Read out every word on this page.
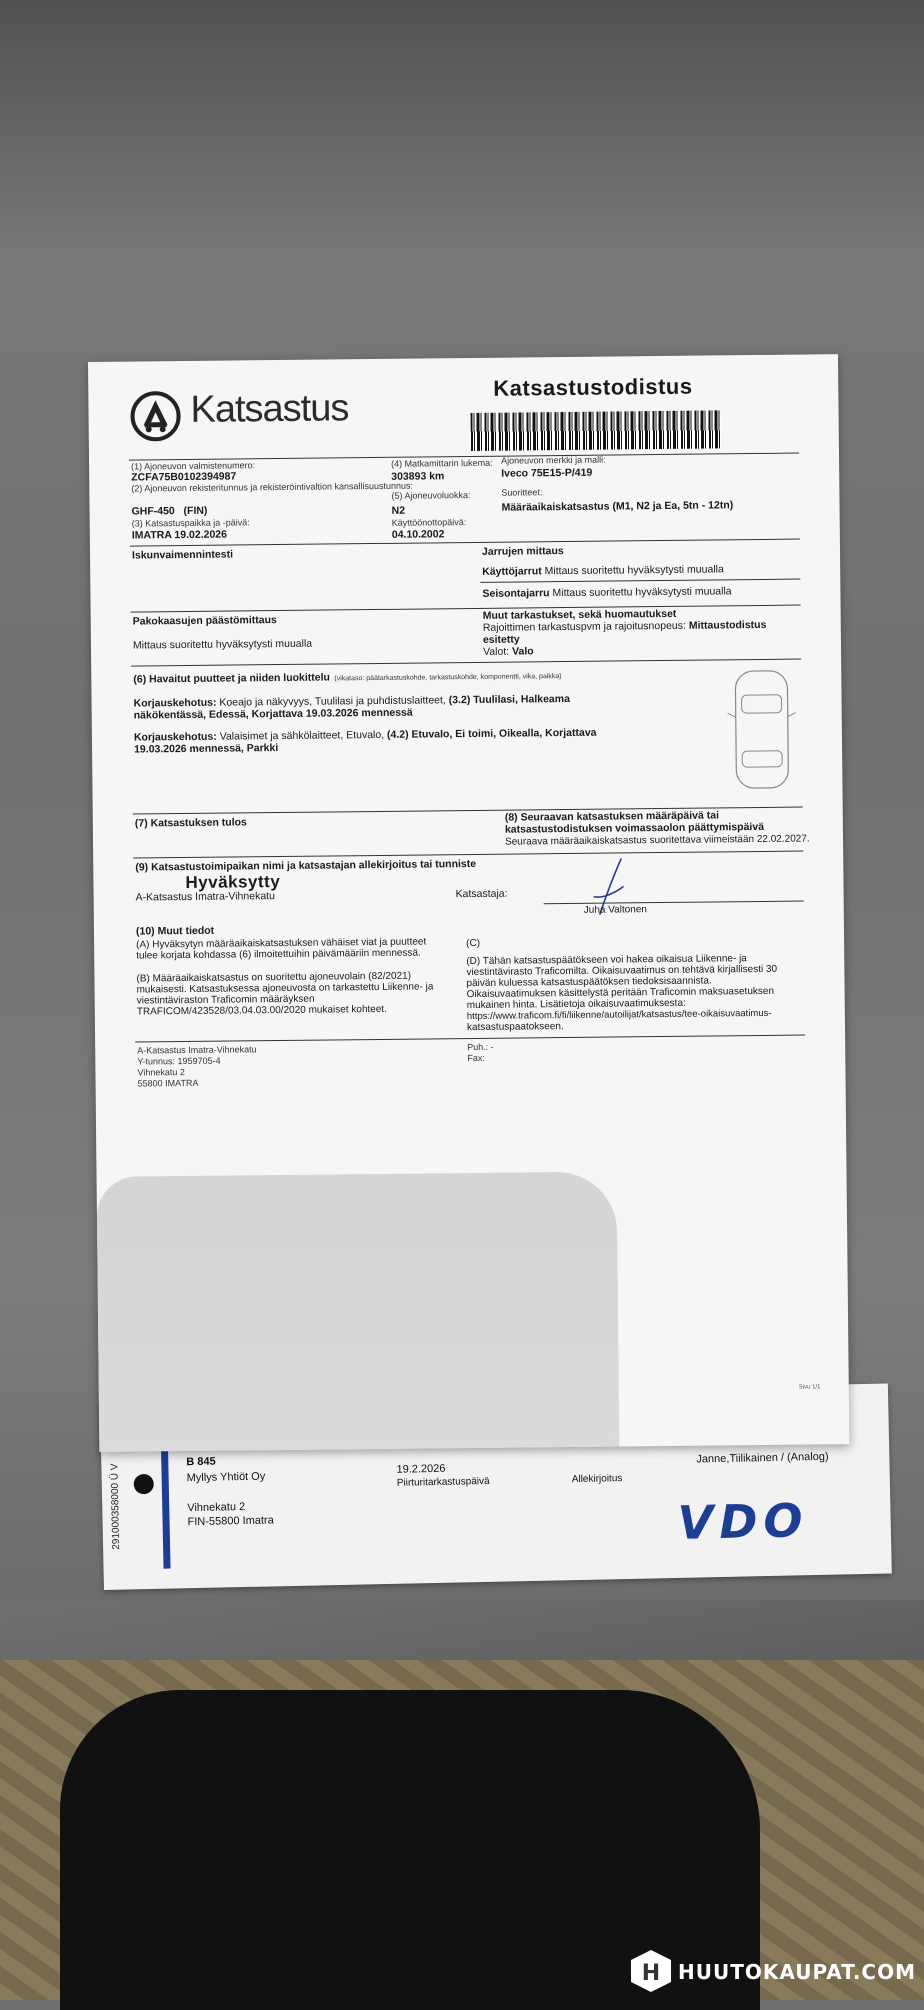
291000358000 Ü V
B 845
Myllys Yhtiöt Oy
Vihnekatu 2
FIN-55800 Imatra
19.2.2026
Piirturitarkastuspäivä	Allekirjoitus
Janne,Tiilikainen / (Analog)
VDO
Katsastus
Katsastustodistus
(1) Ajoneuvon valmistenumero:
ZCFA75B0102394987
(2) Ajoneuvon rekisteritunnus ja rekisteröintivaltion kansallisuustunnus:
GHF-450   (FIN)
(3) Katsastuspaikka ja -päivä:
IMATRA 19.02.2026
(4) Matkamittarin lukema:
303893 km
(5) Ajoneuvoluokka:
N2
Käyttöönottopäivä:
04.10.2002
Ajoneuvon merkki ja malli:
Iveco 75E15-P/419
Suoritteet:
Määräaikaiskatsastus (M1, N2 ja Ea, 5tn - 12tn)
Iskunvaimennintesti	Jarrujen mittaus
Käyttöjarrut Mittaus suoritettu hyväksytysti muualla
Seisontajarru Mittaus suoritettu hyväksytysti muualla
Pakokaasujen päästömittaus
Mittaus suoritettu hyväksytysti muualla
Muut tarkastukset, sekä huomautukset
Rajoittimen tarkastuspvm ja rajoitusnopeus: Mittaustodistus
esitetty
Valot: Valo
(6) Havaitut puutteet ja niiden luokittelu (vikataso: päätarkastuskohde, tarkastuskohde, komponentti, vika, paikka)
Korjauskehotus: Koeajo ja näkyvyys, Tuulilasi ja puhdistuslaitteet, (3.2) Tuulilasi, Halkeama
näkökentässä, Edessä, Korjattava 19.03.2026 mennessä
Korjauskehotus: Valaisimet ja sähkölaitteet, Etuvalo, (4.2) Etuvalo, Ei toimi, Oikealla, Korjattava
19.03.2026 mennessä, Parkki
(7) Katsastuksen tulos
Hyväksytty
(8) Seuraavan katsastuksen määräpäivä tai
katsastustodistuksen voimassaolon päättymispäivä
Seuraava määräaikaiskatsastus suoritettava viimeistään 22.02.2027.
(9) Katsastustoimipaikan nimi ja katsastajan allekirjoitus tai tunniste
A-Katsastus Imatra-Vihnekatu	Katsastaja:
Juha Valtonen
(10) Muut tiedot
(A) Hyväksytyn määräaikaiskatsastuksen vähäiset viat ja puutteet
tulee korjata kohdassa (6) ilmoitettuihin päivämääriin mennessä.
(B) Määräaikaiskatsastus on suoritettu ajoneuvolain (82/2021)
mukaisesti. Katsastuksessa ajoneuvosta on tarkastettu Liikenne- ja
viestintäviraston Traficomin määräyksen
TRAFICOM/423528/03.04.03.00/2020 mukaiset kohteet.
(C)
(D) Tähän katsastuspäätökseen voi hakea oikaisua Liikenne- ja
viestintävirasto Traficomilta. Oikaisuvaatimus on tehtävä kirjallisesti 30
päivän kuluessa katsastuspäätöksen tiedoksisaannista.
Oikaisuvaatimuksen käsittelystä peritään Traficomin maksuasetuksen
mukainen hinta. Lisätietoja oikaisuvaatimuksesta:
https://www.traficom.fi/fi/liikenne/autoilijat/katsastus/tee-oikaisuvaatimus-
katsastuspaatokseen.
A-Katsastus Imatra-Vihnekatu
Y-tunnus: 1959705-4
Vihnekatu 2
55800 IMATRA
Puh.: -
Fax:
Sivu 1/1
H HUUTOKAUPAT.COM
